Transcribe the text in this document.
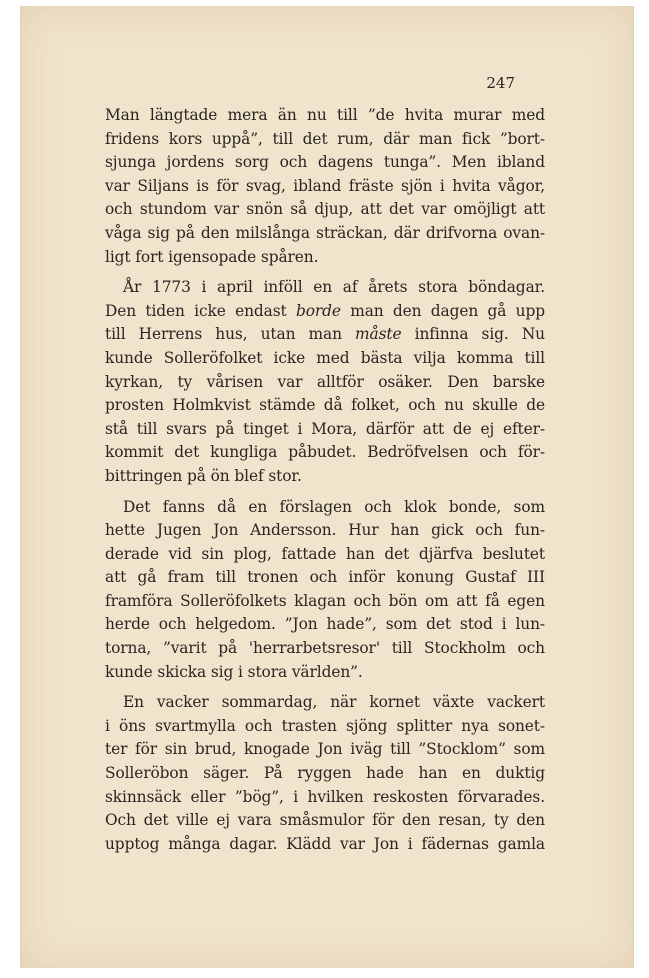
247
Man längtade mera än nu till ”de hvita murar med
fridens kors uppå”, till det rum, där man fick ”bort-
sjunga jordens sorg och dagens tunga”. Men ibland
var Siljans is för svag, ibland fräste sjön i hvita vågor,
och stundom var snön så djup, att det var omöjligt att
våga sig på den milslånga sträckan, där drifvorna ovan-
ligt fort igensopade spåren.
År 1773 i april inföll en af årets stora böndagar.
Den tiden icke endast borde man den dagen gå upp
till Herrens hus, utan man måste infinna sig. Nu
kunde Solleröfolket icke med bästa vilja komma till
kyrkan, ty vårisen var alltför osäker. Den barske
prosten Holmkvist stämde då folket, och nu skulle de
stå till svars på tinget i Mora, därför att de ej efter-
kommit det kungliga påbudet. Bedröfvelsen och för-
bittringen på ön blef stor.
Det fanns då en förslagen och klok bonde, som
hette Jugen Jon Andersson. Hur han gick och fun-
derade vid sin plog, fattade han det djärfva beslutet
att gå fram till tronen och inför konung Gustaf III
framföra Solleröfolkets klagan och bön om att få egen
herde och helgedom. ”Jon hade”, som det stod i lun-
torna, ”varit på 'herrarbetsresor' till Stockholm och
kunde skicka sig i stora världen”.
En vacker sommardag, när kornet växte vackert
i öns svartmylla och trasten sjöng splitter nya sonet-
ter för sin brud, knogade Jon iväg till ”Stocklom” som
Solleröbon säger. På ryggen hade han en duktig
skinnsäck eller ”bög”, i hvilken reskosten förvarades.
Och det ville ej vara småsmulor för den resan, ty den
upptog många dagar. Klädd var Jon i fädernas gamla
